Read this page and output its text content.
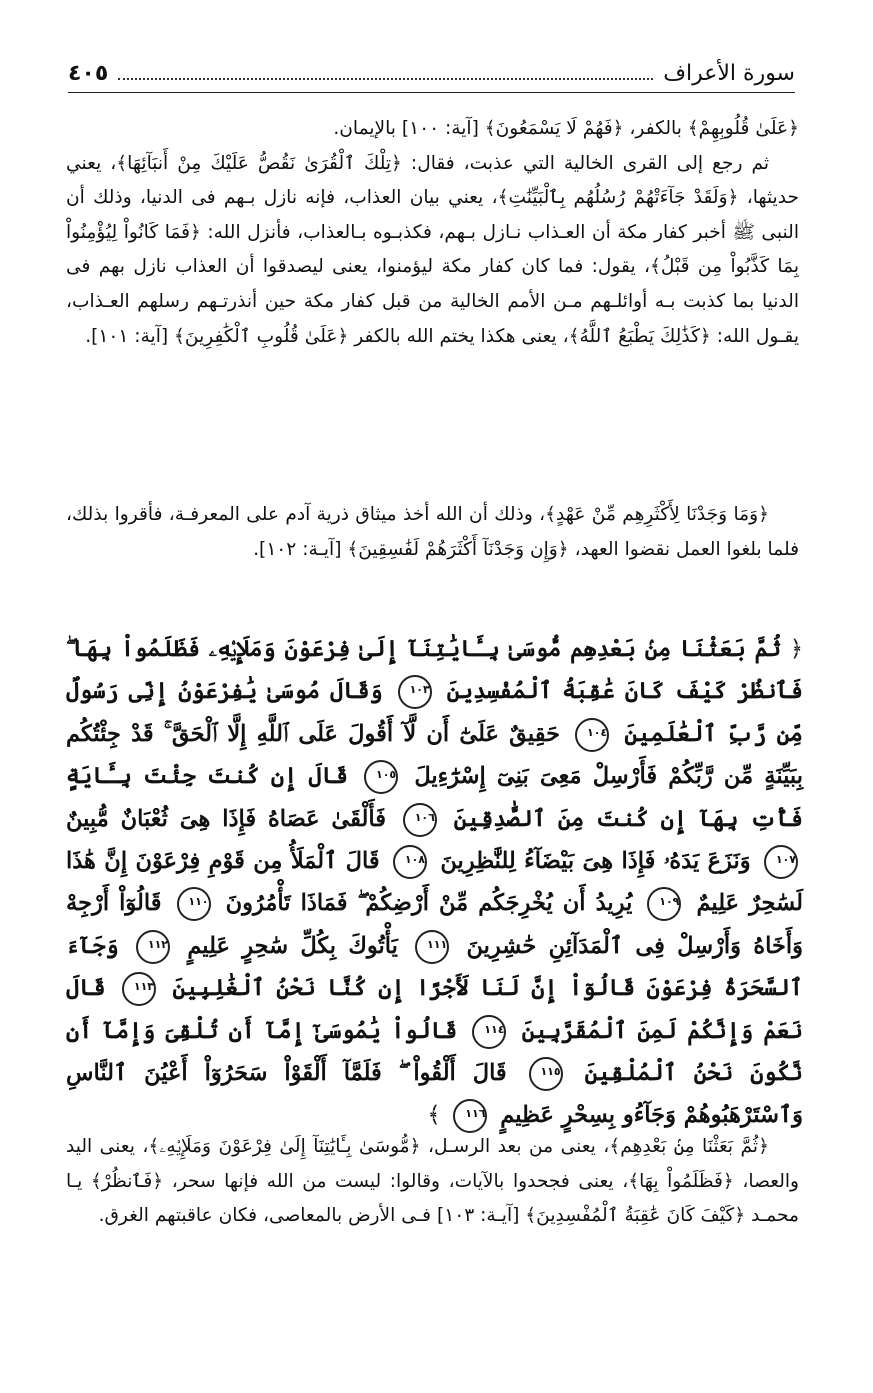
سورة الأعراف
٤٠٥

﴿عَلَىٰ قُلُوبِهِمْ﴾ بالكفر، ﴿فَهُمْ لَا يَسْمَعُونَ﴾ [آية: ١٠٠] بالإيمان.

ثم رجع إلى القرى الخالية التي عذبت، فقال: ﴿تِلْكَ ٱلْقُرَىٰ نَقُصُّ عَلَيْكَ مِنْ أَنبَآئِهَا﴾، يعني حديثها، ﴿وَلَقَدْ جَآءَتْهُمْ رُسُلُهُم بِٱلْبَيِّنَٰتِ﴾، يعني بيان العذاب، فإنه نازل بـهم فى الدنيا، وذلك أن النبى ﷺ أخبر كفار مكة أن العـذاب نـازل بـهم، فكذبـوه بـالعذاب، فأنزل الله: ﴿فَمَا كَانُواْ لِيُؤْمِنُواْ بِمَا كَذَّبُواْ مِن قَبْلُ﴾، يقول: فما كان كفار مكة ليؤمنوا، يعنى ليصدقوا أن العذاب نازل بهم فى الدنيا بما كذبت بـه أوائلـهم مـن الأمم الخالية من قبل كفار مكة حين أنذرتـهم رسلهم العـذاب، يقـول الله: ﴿كَذَٰلِكَ يَطْبَعُ ٱللَّهُ﴾، يعنى هكذا يختم الله بالكفر ﴿عَلَىٰ قُلُوبِ ٱلْكَٰفِرِينَ﴾ [آية: ١٠١].

﴿وَمَا وَجَدْنَا لِأَكْثَرِهِم مِّنْ عَهْدٍ﴾، وذلك أن الله أخذ ميثاق ذرية آدم على المعرفـة، فأقروا بذلك، فلما بلغوا العمل نقضوا العهد، ﴿وَإِن وَجَدْنَآ أَكْثَرَهُمْ لَفَٰسِقِينَ﴾ [آيـة: ١٠٢].

﴿ ثُمَّ بَعَثْنَا مِنۢ بَعْدِهِم مُّوسَىٰ بِـَٔايَٰتِنَآ إِلَىٰ فِرْعَوْنَ وَمَلَإِي۟هِۦ فَظَلَمُواْ بِهَا ۖ فَٱنظُرْ كَيْفَ كَانَ عَٰقِبَةُ ٱلْمُفْسِدِينَ ١٠٣ وَقَالَ مُوسَىٰ يَٰفِرْعَوْنُ إِنِّى رَسُولٌ مِّن رَّبِّ ٱلْعَٰلَمِينَ ١٠٤ حَقِيقٌ عَلَىٰٓ أَن لَّآ أَقُولَ عَلَى ٱللَّهِ إِلَّا ٱلْحَقَّ ۚ قَدْ جِئْتُكُم بِبَيِّنَةٍ مِّن رَّبِّكُمْ فَأَرْسِلْ مَعِىَ بَنِىٓ إِسْرَٰٓءِيلَ ١٠٥ قَالَ إِن كُنتَ جِئْتَ بِـَٔايَةٍ فَأْتِ بِهَآ إِن كُنتَ مِنَ ٱلصَّٰدِقِينَ ١٠٦ فَأَلْقَىٰ عَصَاهُ فَإِذَا هِىَ ثُعْبَانٌ مُّبِينٌ ١٠٧ وَنَزَعَ يَدَهُۥ فَإِذَا هِىَ بَيْضَآءُ لِلنَّٰظِرِينَ ١٠٨ قَالَ ٱلْمَلَأُ مِن قَوْمِ فِرْعَوْنَ إِنَّ هَٰذَا لَسَٰحِرٌ عَلِيمٌ ١٠٩ يُرِيدُ أَن يُخْرِجَكُم مِّنْ أَرْضِكُمْ ۖ فَمَاذَا تَأْمُرُونَ ١١٠ قَالُوٓاْ أَرْجِهْ وَأَخَاهُ وَأَرْسِلْ فِى ٱلْمَدَآئِنِ حَٰشِرِينَ ١١١ يَأْتُوكَ بِكُلِّ سَٰحِرٍ عَلِيمٍ ١١٢ وَجَآءَ ٱلسَّحَرَةُ فِرْعَوْنَ قَالُوٓاْ إِنَّ لَنَا لَأَجْرًا إِن كُنَّا نَحْنُ ٱلْغَٰلِبِينَ ١١٣ قَالَ نَعَمْ وَإِنَّكُمْ لَمِنَ ٱلْمُقَرَّبِينَ ١١٤ قَالُواْ يَٰمُوسَىٰٓ إِمَّآ أَن تُلْقِىَ وَإِمَّآ أَن نَّكُونَ نَحْنُ ٱلْمُلْقِينَ ١١٥ قَالَ أَلْقُواْ ۖ فَلَمَّآ أَلْقَوْاْ سَحَرُوٓاْ أَعْيُنَ ٱلنَّاسِ وَٱسْتَرْهَبُوهُمْ وَجَآءُو بِسِحْرٍ عَظِيمٍ ١١٦ ﴾

﴿ثُمَّ بَعَثْنَا مِنۢ بَعْدِهِم﴾، يعنى من بعد الرسـل، ﴿مُّوسَىٰ بِـَٔايَٰتِنَآ إِلَىٰ فِرْعَوْنَ وَمَلَإِي۟هِۦ﴾، يعنى اليد والعصا، ﴿فَظَلَمُواْ بِهَا﴾، يعنى فجحدوا بالآيات، وقالوا: ليست من الله فإنها سحر، ﴿فَٱنظُرْ﴾ يـا محمـد ﴿كَيْفَ كَانَ عَٰقِبَةُ ٱلْمُفْسِدِينَ﴾ [آيـة: ١٠٣] فـى الأرض بالمعاصى، فكان عاقبتهم الغرق.
